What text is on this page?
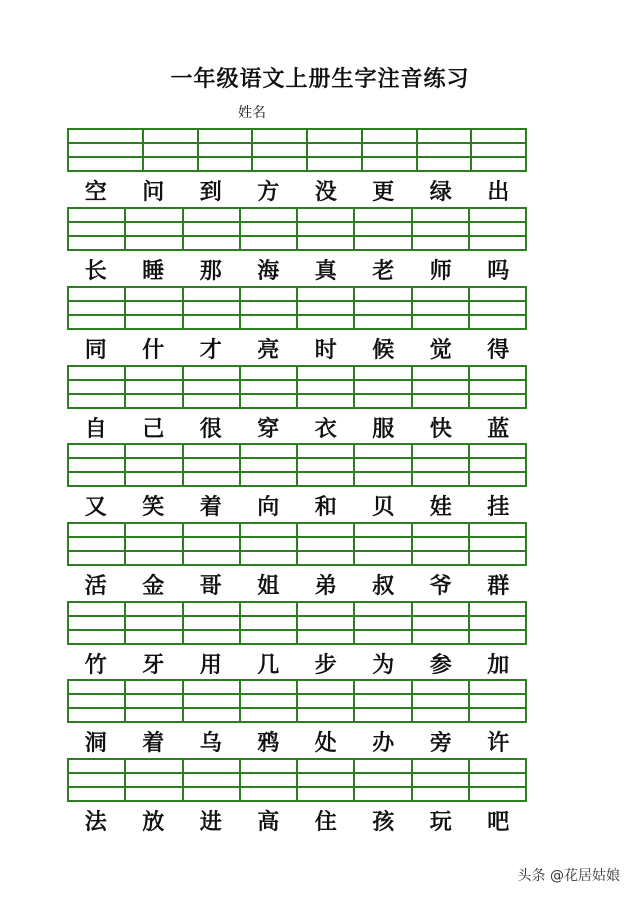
一年级语文上册生字注音练习
姓名
头条 @花居姑娘
空	问	到	方	没	更	绿	出
长	睡	那	海	真	老	师	吗
同	什	才	亮	时	候	觉	得
自	己	很	穿	衣	服	快	蓝
又	笑	着	向	和	贝	娃	挂
活	金	哥	姐	弟	叔	爷	群
竹	牙	用	几	步	为	参	加
洞	着	乌	鸦	处	办	旁	许
法	放	进	高	住	孩	玩	吧
